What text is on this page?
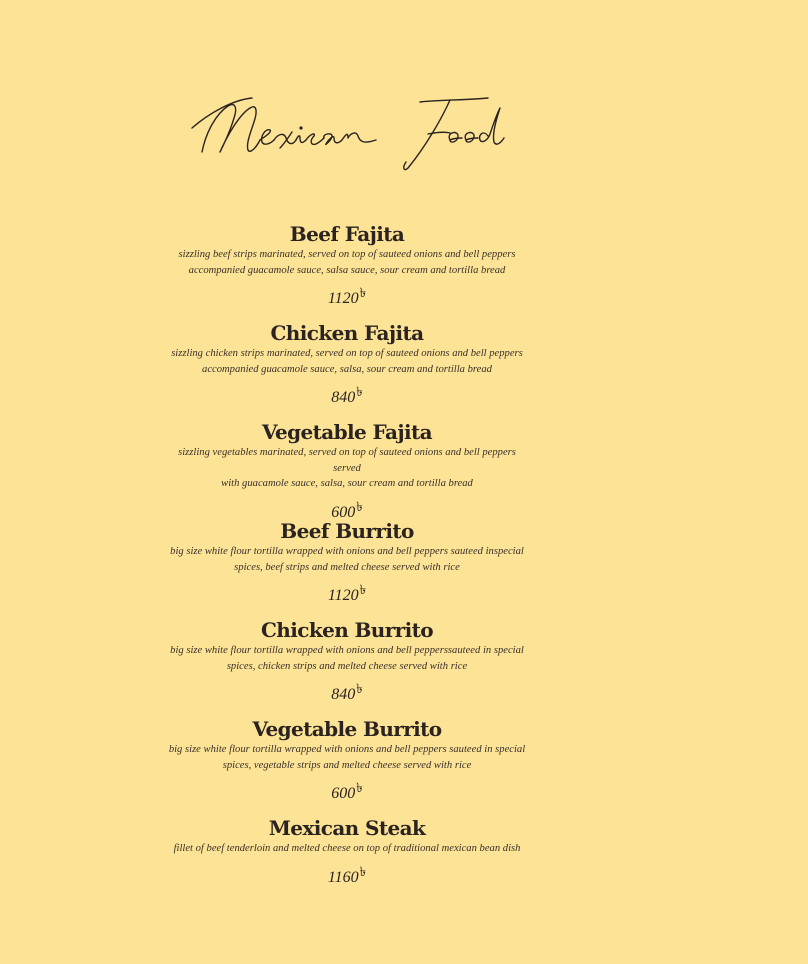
Beef Fajita
sizzling beef strips marinated, served on top of sauteed onions and bell peppers
accompanied guacamole sauce, salsa sauce, sour cream and tortilla bread
1120৳
Chicken Fajita
sizzling chicken strips marinated, served on top of sauteed onions and bell peppers
accompanied guacamole sauce, salsa, sour cream and tortilla bread
840৳
Vegetable Fajita
sizzling vegetables marinated, served on top of sauteed onions and bell peppers served
with guacamole sauce, salsa, sour cream and tortilla bread
600৳
Beef Burrito
big size white flour tortilla wrapped with onions and bell peppers sauteed inspecial
spices, beef strips and melted cheese served with rice
1120৳
Chicken Burrito
big size white flour tortilla wrapped with onions and bell pepperssauteed in special
spices, chicken strips and melted cheese served with rice
840৳
Vegetable Burrito
big size white flour tortilla wrapped with onions and bell peppers sauteed in special
spices, vegetable strips and melted cheese served with rice
600৳
Mexican Steak
fillet of beef tenderloin and melted cheese on top of traditional mexican bean dish
1160৳
